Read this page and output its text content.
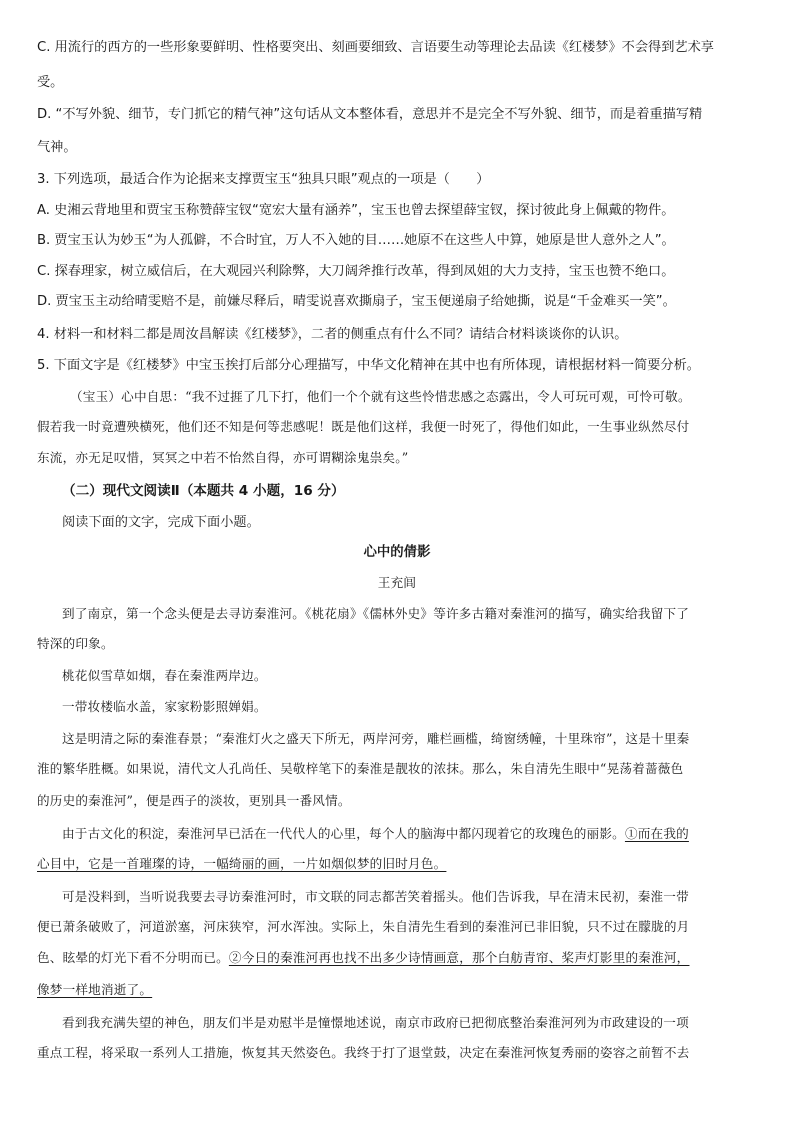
C. 用流行的西方的一些形象要鲜明、性格要突出、刻画要细致、言语要生动等理论去品读《红楼梦》不会得到艺术享

受。

D. “不写外貌、细节，专门抓它的精气神”这句话从文本整体看，意思并不是完全不写外貌、细节，而是着重描写精

气神。

3. 下列选项，最适合作为论据来支撑贾宝玉“独具只眼”观点的一项是（　　）

A. 史湘云背地里和贾宝玉称赞薛宝钗“宽宏大量有涵养”，宝玉也曾去探望薛宝钗，探讨彼此身上佩戴的物件。

B. 贾宝玉认为妙玉“为人孤僻，不合时宜，万人不入她的目……她原不在这些人中算，她原是世人意外之人”。

C. 探春理家，树立威信后，在大观园兴利除弊，大刀阔斧推行改革，得到凤姐的大力支持，宝玉也赞不绝口。

D. 贾宝玉主动给晴雯赔不是，前嫌尽释后，晴雯说喜欢撕扇子，宝玉便递扇子给她撕，说是“千金难买一笑”。

4. 材料一和材料二都是周汝昌解读《红楼梦》，二者的侧重点有什么不同？请结合材料谈谈你的认识。

5. 下面文字是《红楼梦》中宝玉挨打后部分心理描写，中华文化精神在其中也有所体现，请根据材料一简要分析。

（宝玉）心中自思：“我不过捱了几下打，他们一个个就有这些怜惜悲感之态露出，令人可玩可观，可怜可敬。

假若我一时竟遭殃横死，他们还不知是何等悲感呢！既是他们这样，我便一时死了，得他们如此，一生事业纵然尽付

东流，亦无足叹惜，冥冥之中若不怡然自得，亦可谓糊涂鬼祟矣。”

（二）现代文阅读Ⅱ（本题共 4 小题，16 分）

阅读下面的文字，完成下面小题。

心中的倩影

王充闾

到了南京，第一个念头便是去寻访秦淮河。《桃花扇》《儒林外史》等许多古籍对秦淮河的描写，确实给我留下了

特深的印象。

桃花似雪草如烟，春在秦淮两岸边。

一带妆楼临水盖，家家粉影照婵娟。

这是明清之际的秦淮春景；“秦淮灯火之盛天下所无，两岸河旁，雕栏画槛，绮窗绣幢，十里珠帘”，这是十里秦

淮的繁华胜概。如果说，清代文人孔尚任、吴敬梓笔下的秦淮是靓妆的浓抹。那么，朱自清先生眼中“晃荡着蔷薇色

的历史的秦淮河”，便是西子的淡妆，更别具一番风情。

由于古文化的积淀，秦淮河早已活在一代代人的心里，每个人的脑海中都闪现着它的玫瑰色的丽影。①而在我的

心目中，它是一首璀璨的诗，一幅绮丽的画，一片如烟似梦的旧时月色。

可是没料到，当听说我要去寻访秦淮河时，市文联的同志都苦笑着摇头。他们告诉我，早在清末民初，秦淮一带

便已萧条破败了，河道淤塞，河床狭窄，河水浑浊。实际上，朱自清先生看到的秦淮河已非旧貌，只不过在朦胧的月

色、眩晕的灯光下看不分明而已。②今日的秦淮河再也找不出多少诗情画意，那个白舫青帘、桨声灯影里的秦淮河，

像梦一样地消逝了。

看到我充满失望的神色，朋友们半是劝慰半是憧憬地述说，南京市政府已把彻底整治秦淮河列为市政建设的一项

重点工程，将采取一系列人工措施，恢复其天然姿色。我终于打了退堂鼓，决定在秦淮河恢复秀丽的姿容之前暂不去
